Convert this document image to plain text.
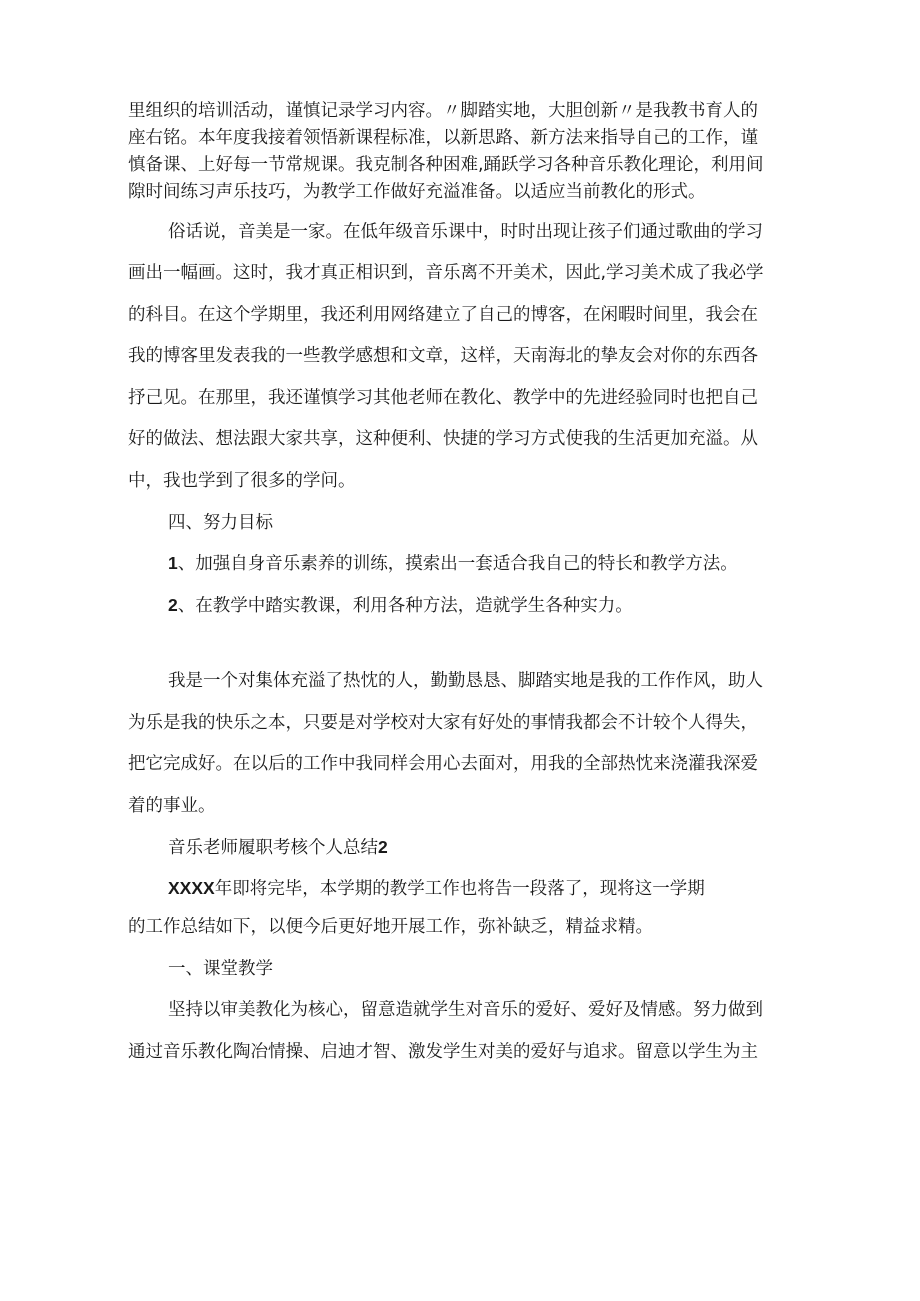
里组织的培训活动，谨慎记录学习内容。〃脚踏实地，大胆创新〃是我教书育人的
座右铭。本年度我接着领悟新课程标准，以新思路、新方法来指导自己的工作，谨
慎备课、上好每一节常规课。我克制各种困难,踊跃学习各种音乐教化理论，利用间
隙时间练习声乐技巧，为教学工作做好充溢准备。以适应当前教化的形式。
俗话说，音美是一家。在低年级音乐课中，时时出现让孩子们通过歌曲的学习
画出一幅画。这时，我才真正相识到，音乐离不开美术，因此,学习美术成了我必学
的科目。在这个学期里，我还利用网络建立了自己的博客，在闲暇时间里，我会在
我的博客里发表我的一些教学感想和文章，这样，天南海北的挚友会对你的东西各
抒己见。在那里，我还谨慎学习其他老师在教化、教学中的先进经验同时也把自己
好的做法、想法跟大家共享，这种便利、快捷的学习方式使我的生活更加充溢。从
中，我也学到了很多的学问。
四、努力目标
1、加强自身音乐素养的训练，摸索出一套适合我自己的特长和教学方法。
2、在教学中踏实教课，利用各种方法，造就学生各种实力。
我是一个对集体充溢了热忱的人，勤勤恳恳、脚踏实地是我的工作作风，助人
为乐是我的快乐之本，只要是对学校对大家有好处的事情我都会不计较个人得失，
把它完成好。在以后的工作中我同样会用心去面对，用我的全部热忱来浇灌我深爱
着的事业。
音乐老师履职考核个人总结2
XXXX年即将完毕，本学期的教学工作也将告一段落了，现将这一学期
的工作总结如下，以便今后更好地开展工作，弥补缺乏，精益求精。
一、课堂教学
坚持以审美教化为核心，留意造就学生对音乐的爱好、爱好及情感。努力做到
通过音乐教化陶冶情操、启迪才智、激发学生对美的爱好与追求。留意以学生为主
